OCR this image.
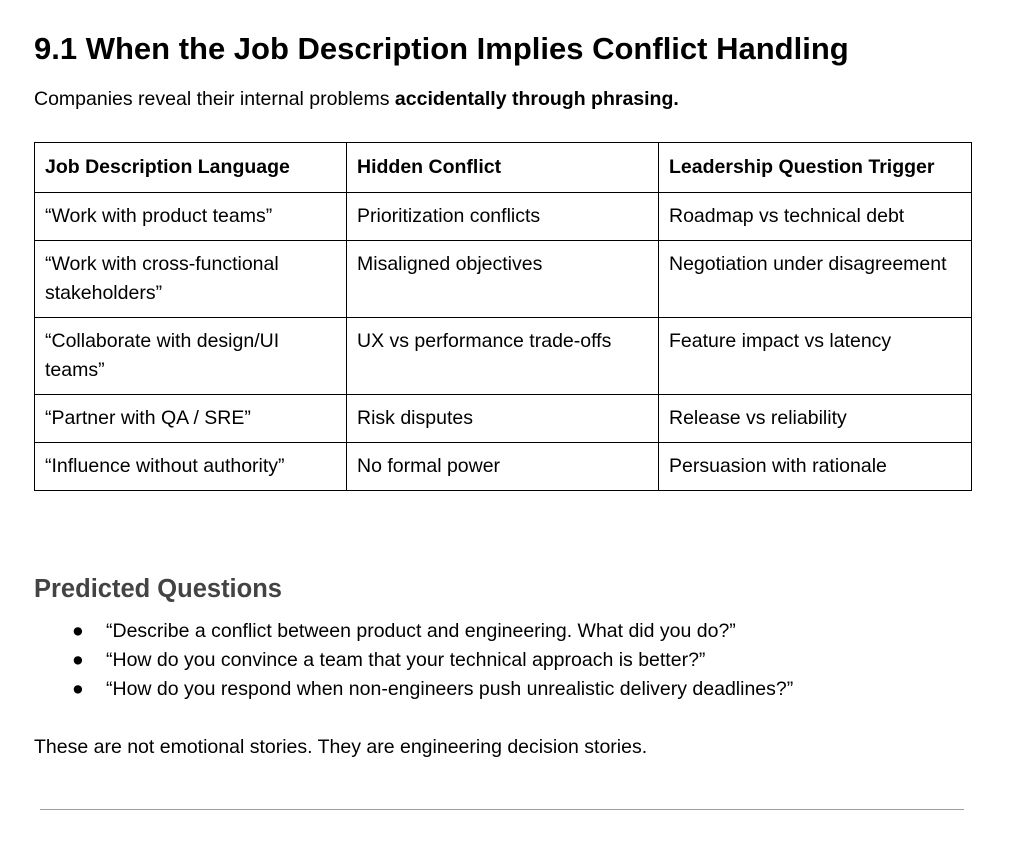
9.1 When the Job Description Implies Conflict Handling

Companies reveal their internal problems accidentally through phrasing.

Job Description Language	Hidden Conflict	Leadership Question Trigger
“Work with product teams”	Prioritization conflicts	Roadmap vs technical debt
“Work with cross-functional stakeholders”	Misaligned objectives	Negotiation under disagreement
“Collaborate with design/UI teams”	UX vs performance trade-offs	Feature impact vs latency
“Partner with QA / SRE”	Risk disputes	Release vs reliability
“Influence without authority”	No formal power	Persuasion with rationale
Predicted Questions
● “Describe a conflict between product and engineering. What did you do?”
● “How do you convince a team that your technical approach is better?”
● “How do you respond when non-engineers push unrealistic delivery deadlines?”

These are not emotional stories. They are engineering decision stories.
